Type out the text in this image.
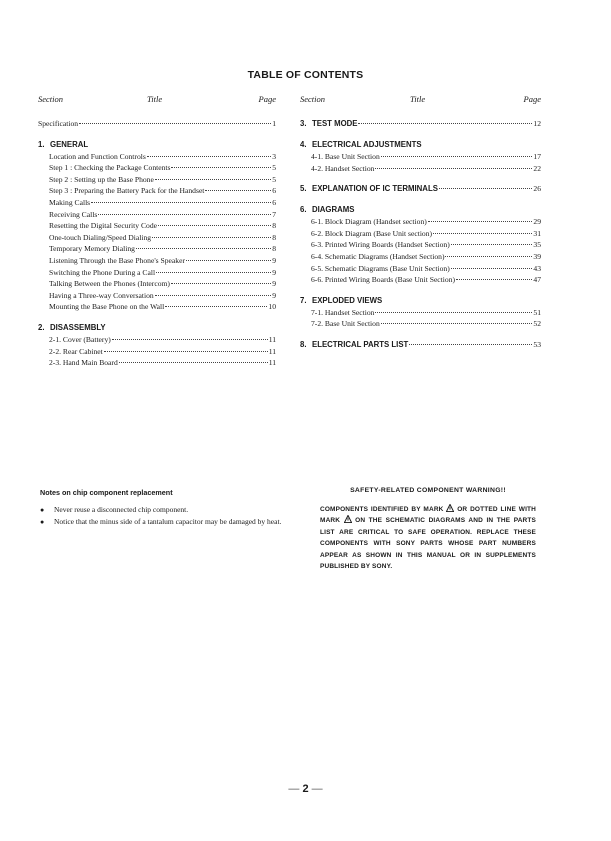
TABLE OF CONTENTS
Section	Title	Page
Specification	1
1. GENERAL
Location and Function Controls	3
Step 1 : Checking the Package Contents	5
Step 2 : Setting up the Base Phone	5
Step 3 : Preparing the Battery Pack for the Handset	6
Making Calls	6
Receiving Calls	7
Resetting the Digital Security Code	8
One-touch Dialing/Speed Dialing	8
Temporary Memory Dialing	8
Listening Through the Base Phone's Speaker	9
Switching the Phone During a Call	9
Talking Between the Phones (Intercom)	9
Having a Three-way Conversation	9
Mounting the Base Phone on the Wall	10
2. DISASSEMBLY
2-1. Cover (Battery)	11
2-2. Rear Cabinet	11
2-3. Hand Main Board	11
Section	Title	Page
3. TEST MODE	12
4. ELECTRICAL ADJUSTMENTS
4-1. Base Unit Section	17
4-2. Handset Section	22
5. EXPLANATION OF IC TERMINALS	26
6. DIAGRAMS
6-1. Block Diagram (Handset section)	29
6-2. Block Diagram (Base Unit section)	31
6-3. Printed Wiring Boards (Handset Section)	35
6-4. Schematic Diagrams (Handset Section)	39
6-5. Schematic Diagrams (Base Unit Section)	43
6-6. Printed Wiring Boards (Base Unit Section)	47
7. EXPLODED VIEWS
7-1. Handset Section	51
7-2. Base Unit Section	52
8. ELECTRICAL PARTS LIST	53
Notes on chip component replacement
●	Never reuse a disconnected chip component.
●	Notice that the minus side of a tantalum capacitor may be damaged by heat.
SAFETY-RELATED COMPONENT WARNING!!
COMPONENTS IDENTIFIED BY MARK OR DOTTED LINE WITH MARK ON THE SCHEMATIC DIAGRAMS AND IN THE PARTS LIST ARE CRITICAL TO SAFE OPERATION. REPLACE THESE COMPONENTS WITH SONY PARTS WHOSE PART NUMBERS APPEAR AS SHOWN IN THIS MANUAL OR IN SUPPLEMENTS PUBLISHED BY SONY.
— 2 —
